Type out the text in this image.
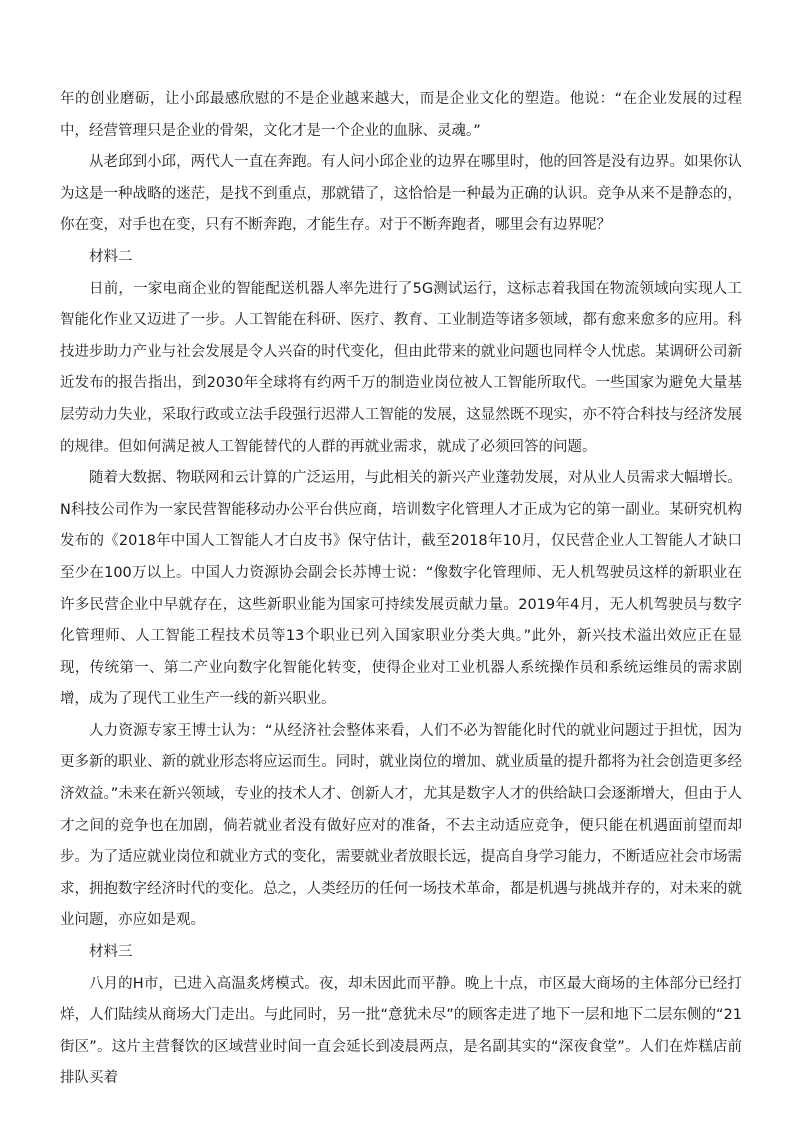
年的创业磨砺，让小邱最感欣慰的不是企业越来越大，而是企业文化的塑造。他说：“在企业发展的过程中，经营管理只是企业的骨架，文化才是一个企业的血脉、灵魂。”

从老邱到小邱，两代人一直在奔跑。有人问小邱企业的边界在哪里时，他的回答是没有边界。如果你认为这是一种战略的迷茫，是找不到重点，那就错了，这恰恰是一种最为正确的认识。竞争从来不是静态的，你在变，对手也在变，只有不断奔跑，才能生存。对于不断奔跑者，哪里会有边界呢？

材料二

日前，一家电商企业的智能配送机器人率先进行了5G测试运行，这标志着我国在物流领域向实现人工智能化作业又迈进了一步。人工智能在科研、医疗、教育、工业制造等诸多领域，都有愈来愈多的应用。科技进步助力产业与社会发展是令人兴奋的时代变化，但由此带来的就业问题也同样令人忧虑。某调研公司新近发布的报告指出，到2030年全球将有约两千万的制造业岗位被人工智能所取代。一些国家为避免大量基层劳动力失业，采取行政或立法手段强行迟滞人工智能的发展，这显然既不现实，亦不符合科技与经济发展的规律。但如何满足被人工智能替代的人群的再就业需求，就成了必须回答的问题。

随着大数据、物联网和云计算的广泛运用，与此相关的新兴产业蓬勃发展，对从业人员需求大幅增长。N科技公司作为一家民营智能移动办公平台供应商，培训数字化管理人才正成为它的第一副业。某研究机构发布的《2018年中国人工智能人才白皮书》保守估计，截至2018年10月，仅民营企业人工智能人才缺口至少在100万以上。中国人力资源协会副会长苏博士说：“像数字化管理师、无人机驾驶员这样的新职业在许多民营企业中早就存在，这些新职业能为国家可持续发展贡献力量。2019年4月，无人机驾驶员与数字化管理师、人工智能工程技术员等13个职业已列入国家职业分类大典。”此外，新兴技术溢出效应正在显现，传统第一、第二产业向数字化智能化转变，使得企业对工业机器人系统操作员和系统运维员的需求剧增，成为了现代工业生产一线的新兴职业。

人力资源专家王博士认为：“从经济社会整体来看，人们不必为智能化时代的就业问题过于担忧，因为更多新的职业、新的就业形态将应运而生。同时，就业岗位的增加、就业质量的提升都将为社会创造更多经济效益。”未来在新兴领域，专业的技术人才、创新人才，尤其是数字人才的供给缺口会逐渐增大，但由于人才之间的竞争也在加剧，倘若就业者没有做好应对的准备，不去主动适应竞争，便只能在机遇面前望而却步。为了适应就业岗位和就业方式的变化，需要就业者放眼长远，提高自身学习能力，不断适应社会市场需求，拥抱数字经济时代的变化。总之，人类经历的任何一场技术革命，都是机遇与挑战并存的，对未来的就业问题，亦应如是观。

材料三

八月的H市，已进入高温炙烤模式。夜，却未因此而平静。晚上十点，市区最大商场的主体部分已经打烊，人们陆续从商场大门走出。与此同时，另一批“意犹未尽”的顾客走进了地下一层和地下二层东侧的“21街区”。这片主营餐饮的区域营业时间一直会延长到凌晨两点，是名副其实的“深夜食堂”。人们在炸糕店前排队买着
